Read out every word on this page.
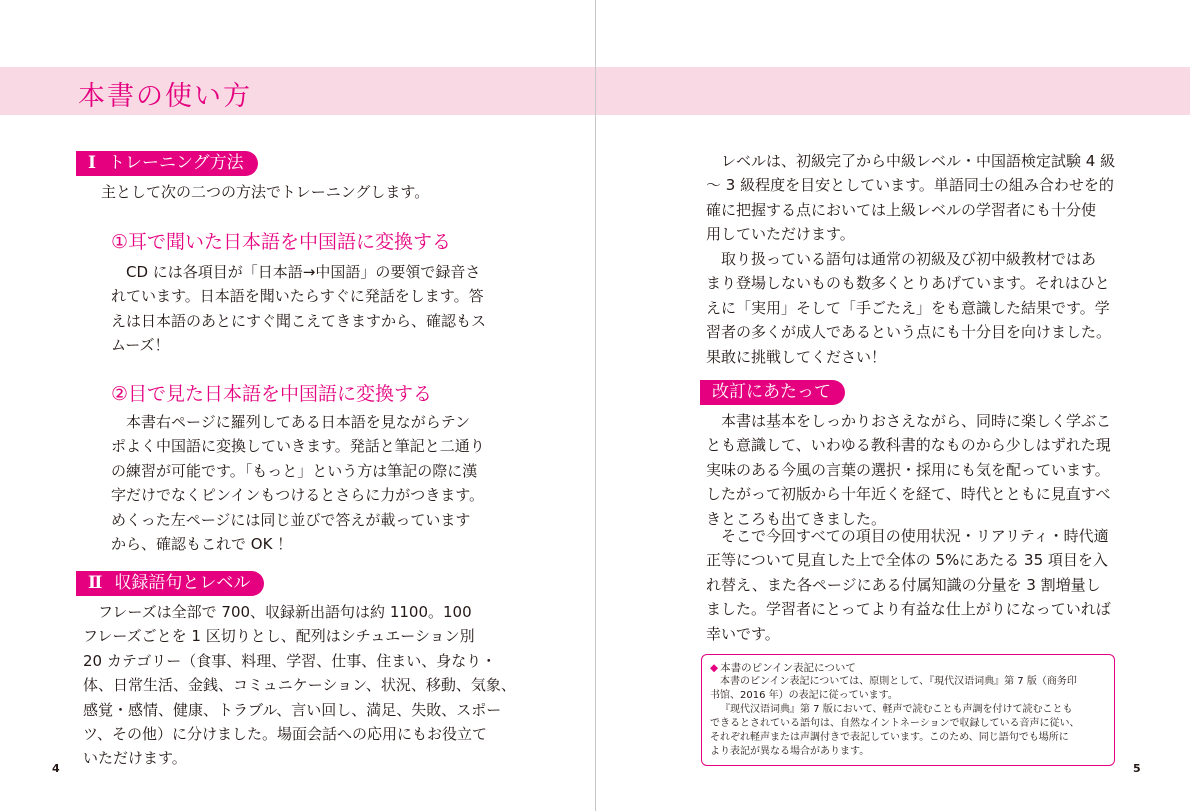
本書の使い方
Ⅰ トレーニング方法

主として次の二つの方法でトレーニングします。

①耳で聞いた日本語を中国語に変換する

CD には各項目が「日本語→中国語」の要領で録音さ
れています。日本語を聞いたらすぐに発話をします。答
えは日本語のあとにすぐ聞こえてきますから、確認もス
ムーズ！

②目で見た日本語を中国語に変換する

本書右ページに羅列してある日本語を見ながらテン
ポよく中国語に変換していきます。発話と筆記と二通り
の練習が可能です。「もっと」という方は筆記の際に漢
字だけでなくピンインもつけるとさらに力がつきます。
めくった左ページには同じ並びで答えが載っています
から、確認もこれで OK ！
Ⅱ 収録語句とレベル
フレーズは全部で 700、収録新出語句は約 1100。100
フレーズごとを 1 区切りとし、配列はシチュエーション別
20 カテゴリー（食事、料理、学習、仕事、住まい、身なり・
体、日常生活、金銭、コミュニケーション、状況、移動、気象、
感覚・感情、健康、トラブル、言い回し、満足、失敗、スポー
ツ、その他）に分けました。場面会話への応用にもお役立て
いただけます。
4
レベルは、初級完了から中級レベル・中国語検定試験 4 級
～ 3 級程度を目安としています。単語同士の組み合わせを的
確に把握する点においては上級レベルの学習者にも十分使
用していただけます。
取り扱っている語句は通常の初級及び初中級教材ではあ
まり登場しないものも数多くとりあげています。それはひと
えに「実用」そして「手ごたえ」をも意識した結果です。学
習者の多くが成人であるという点にも十分目を向けました。
果敢に挑戦してください！
改訂にあたって
本書は基本をしっかりおさえながら、同時に楽しく学ぶこ
とも意識して、いわゆる教科書的なものから少しはずれた現
実味のある今風の言葉の選択・採用にも気を配っています。
したがって初版から十年近くを経て、時代とともに見直すべ
きところも出てきました。
そこで今回すべての項目の使用状況・リアリティ・時代適
正等について見直した上で全体の 5%にあたる 35 項目を入
れ替え、また各ページにある付属知識の分量を 3 割増量し
ました。学習者にとってより有益な仕上がりになっていれば
幸いです。
◆ 本書のピンイン表記について
本書のピンイン表記については、原則として、『現代汉语词典』第 7 版（商务印
书馆、2016 年）の表記に従っています。
『现代汉语词典』第 7 版において、軽声で読むことも声調を付けて読むことも
できるとされている語句は、自然なイントネーションで収録している音声に従い、
それぞれ軽声または声調付きで表記しています。このため、同じ語句でも場所に
より表記が異なる場合があります。
5
